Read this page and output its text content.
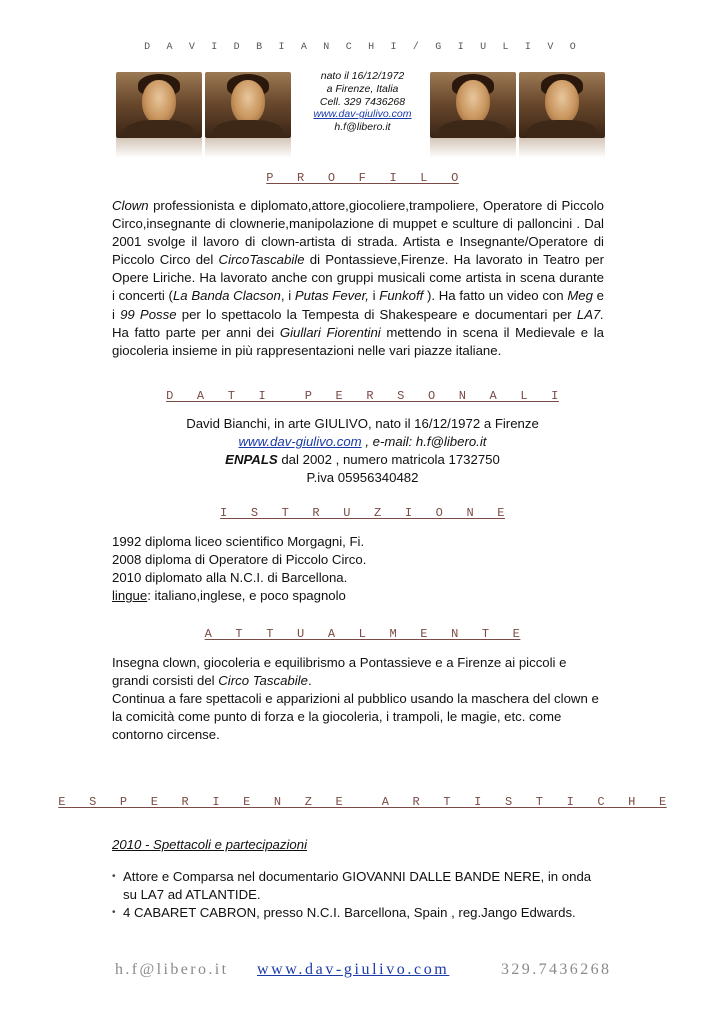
D A V I D B I A N C H I / G I U L I V O
nato il 16/12/1972
a Firenze, Italia
Cell. 329 7436268
www.dav-giulivo.com
h.f@libero.it
P   R   O   F   I   L   O
Clown professionista e diplomato,attore,giocoliere,trampoliere, Operatore di Piccolo Circo,insegnante di clownerie,manipolazione di muppet e sculture di palloncini . Dal 2001 svolge il lavoro di clown-artista di strada. Artista e Insegnante/Operatore di Piccolo Circo del CircoTascabile di Pontassieve,Firenze. Ha lavorato in Teatro per Opere Liriche. Ha lavorato anche con gruppi musicali come artista in scena durante i concerti (La Banda Clacson, i Putas Fever, i Funkoff ). Ha fatto un video con Meg e i 99 Posse per lo spettacolo la Tempesta di Shakespeare e documentari per LA7. Ha fatto parte per anni dei Giullari Fiorentini mettendo in scena il Medievale e la giocoleria insieme in più rappresentazioni nelle vari piazze italiane.
D   A   T   I     P   E   R   S   O   N   A   L   I
David Bianchi, in arte GIULIVO, nato il 16/12/1972 a Firenze
www.dav-giulivo.com , e-mail: h.f@libero.it
ENPALS dal 2002 , numero matricola 1732750
P.iva 05956340482
I   S   T   R   U   Z   I   O   N   E
1992 diploma liceo scientifico Morgagni, Fi.
2008 diploma di Operatore di Piccolo Circo.
2010 diplomato alla N.C.I. di Barcellona.
lingue: italiano,inglese, e poco spagnolo
A   T   T   U   A   L   M   E   N   T   E
Insegna clown, giocoleria e equilibrismo a Pontassieve e a Firenze ai piccoli e grandi corsisti del Circo Tascabile.
Continua a fare spettacoli e apparizioni al pubblico usando la maschera del clown e la comicità come punto di forza e la giocoleria, i trampoli, le magie, etc. come contorno circense.
E   S   P   E   R   I   E   N   Z   E     A   R   T   I   S   T   I   C   H   E
2010 - Spettacoli e partecipazioni
• Attore e Comparsa nel documentario GIOVANNI DALLE BANDE NERE, in onda su LA7 ad ATLANTIDE.
• 4 CABARET CABRON, presso N.C.I. Barcellona, Spain , reg.Jango Edwards.
h.f@libero.it www.dav-giulivo.com	329.7436268
